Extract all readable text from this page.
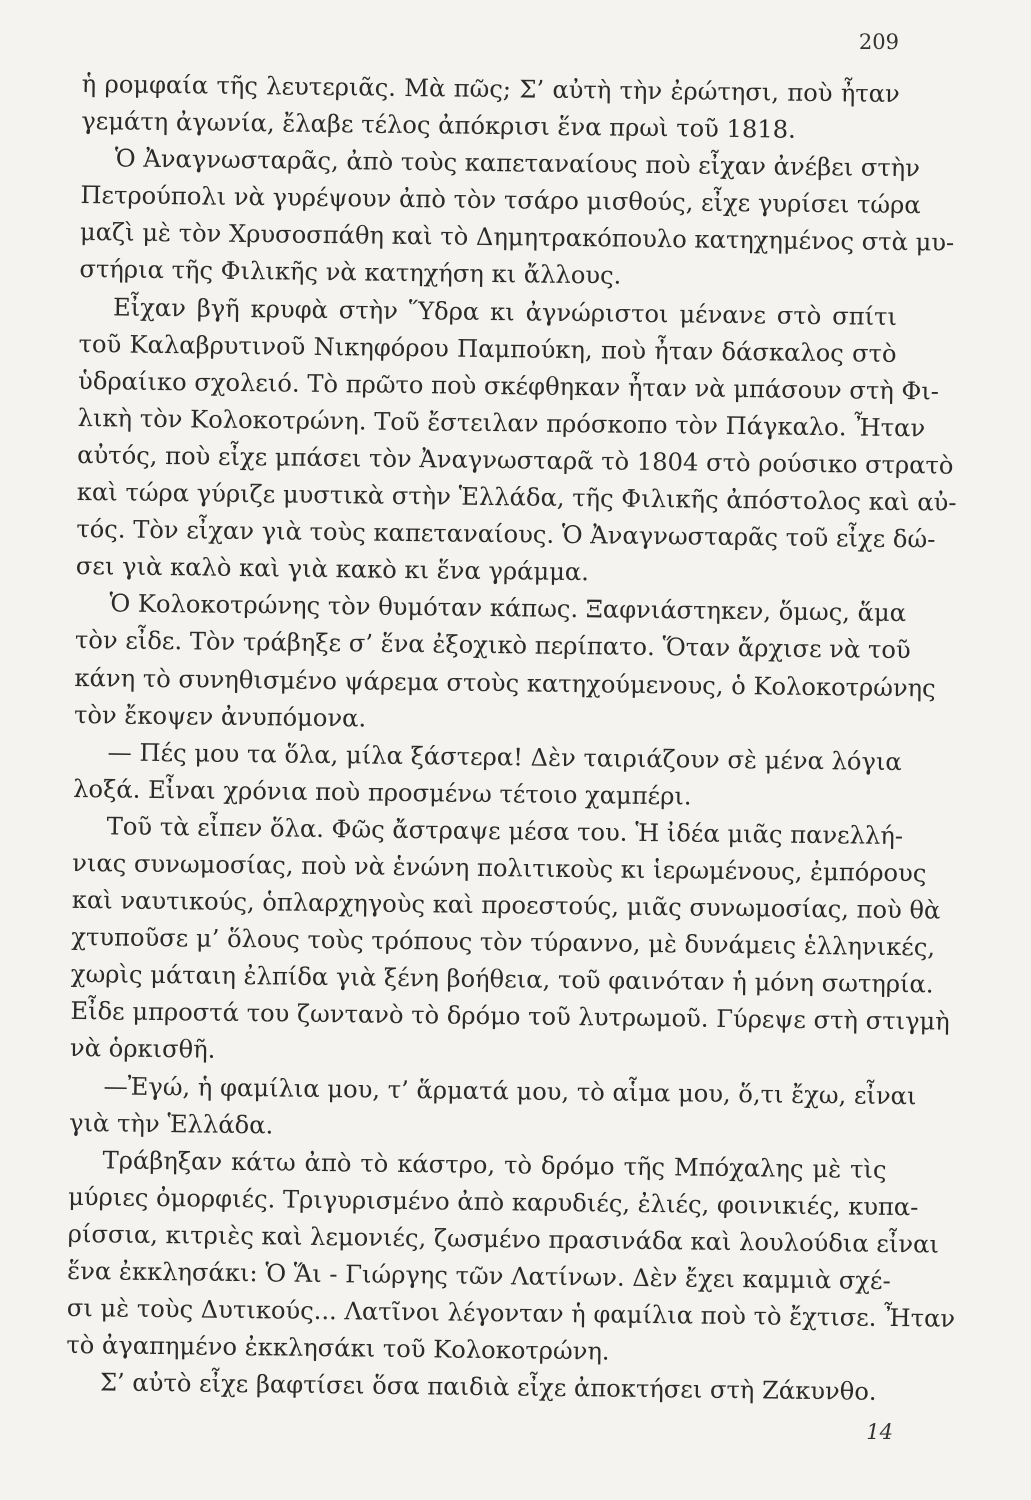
209
ἡ ρομφαία τῆς λευτεριᾶς. Μὰ πῶς; Σ’ αὐτὴ τὴν ἐρώτησι, ποὺ ἦταν
γεμάτη ἀγωνία, ἔλαβε τέλος ἀπόκρισι ἕνα πρωὶ τοῦ 1818.
Ὁ Ἀναγνωσταρᾶς, ἀπὸ τοὺς καπεταναίους ποὺ εἶχαν ἀνέβει στὴν
Πετρούπολι νὰ γυρέψουν ἀπὸ τὸν τσάρο μισθούς, εἶχε γυρίσει τώρα
μαζὶ μὲ τὸν Χρυσοσπάθη καὶ τὸ Δημητρακόπουλο κατηχημένος στὰ μυ-
στήρια τῆς Φιλικῆς νὰ κατηχήση κι ἄλλους.
Εἶχαν βγῆ κρυφὰ στὴν Ὕδρα κι ἀγνώριστοι μένανε στὸ σπίτι
τοῦ Καλαβρυτινοῦ Νικηφόρου Παμπούκη, ποὺ ἦταν δάσκαλος στὸ
ὑδραίικο σχολειό. Τὸ πρῶτο ποὺ σκέφθηκαν ἦταν νὰ μπάσουν στὴ Φι-
λικὴ τὸν Κολοκοτρώνη. Τοῦ ἔστειλαν πρόσκοπο τὸν Πάγκαλο. Ἦταν
αὐτός, ποὺ εἶχε μπάσει τὸν Ἀναγνωσταρᾶ τὸ 1804 στὸ ρούσικο στρατὸ
καὶ τώρα γύριζε μυστικὰ στὴν Ἑλλάδα, τῆς Φιλικῆς ἀπόστολος καὶ αὐ-
τός. Τὸν εἶχαν γιὰ τοὺς καπεταναίους. Ὁ Ἀναγνωσταρᾶς τοῦ εἶχε δώ-
σει γιὰ καλὸ καὶ γιὰ κακὸ κι ἕνα γράμμα.
Ὁ Κολοκοτρώνης τὸν θυμόταν κάπως. Ξαφνιάστηκεν, ὅμως, ἅμα
τὸν εἶδε. Τὸν τράβηξε σ’ ἕνα ἐξοχικὸ περίπατο. Ὅταν ἄρχισε νὰ τοῦ
κάνη τὸ συνηθισμένο ψάρεμα στοὺς κατηχούμενους, ὁ Κολοκοτρώνης
τὸν ἔκοψεν ἀνυπόμονα.
— Πές μου τα ὅλα, μίλα ξάστερα! Δὲν ταιριάζουν σὲ μένα λόγια
λοξά. Εἶναι χρόνια ποὺ προσμένω τέτοιο χαμπέρι.
Τοῦ τὰ εἶπεν ὅλα. Φῶς ἄστραψε μέσα του. Ἡ ἰδέα μιᾶς πανελλή-
νιας συνωμοσίας, ποὺ νὰ ἑνώνη πολιτικοὺς κι ἱερωμένους, ἐμπόρους
καὶ ναυτικούς, ὁπλαρχηγοὺς καὶ προεστούς, μιᾶς συνωμοσίας, ποὺ θὰ
χτυποῦσε μ’ ὅλους τοὺς τρόπους τὸν τύραννο, μὲ δυνάμεις ἑλληνικές,
χωρὶς μάταιη ἐλπίδα γιὰ ξένη βοήθεια, τοῦ φαινόταν ἡ μόνη σωτηρία.
Εἶδε μπροστά του ζωντανὸ τὸ δρόμο τοῦ λυτρωμοῦ. Γύρεψε στὴ στιγμὴ
νὰ ὁρκισθῆ.
—Ἐγώ, ἡ φαμίλια μου, τ’ ἅρματά μου, τὸ αἷμα μου, ὅ,τι ἔχω, εἶναι
γιὰ τὴν Ἑλλάδα.
Τράβηξαν κάτω ἀπὸ τὸ κάστρο, τὸ δρόμο τῆς Μπόχαλης μὲ τὶς
μύριες ὀμορφιές. Τριγυρισμένο ἀπὸ καρυδιές, ἐλιές, φοινικιές, κυπα-
ρίσσια, κιτριὲς καὶ λεμονιές, ζωσμένο πρασινάδα καὶ λουλούδια εἶναι
ἕνα ἐκκλησάκι: Ὁ Ἅι - Γιώργης τῶν Λατίνων. Δὲν ἔχει καμμιὰ σχέ-
σι μὲ τοὺς Δυτικούς... Λατῖνοι λέγονταν ἡ φαμίλια ποὺ τὸ ἔχτισε. Ἦταν
τὸ ἀγαπημένο ἐκκλησάκι τοῦ Κολοκοτρώνη.
Σ’ αὐτὸ εἶχε βαφτίσει ὅσα παιδιὰ εἶχε ἀποκτήσει στὴ Ζάκυνθο.
14
